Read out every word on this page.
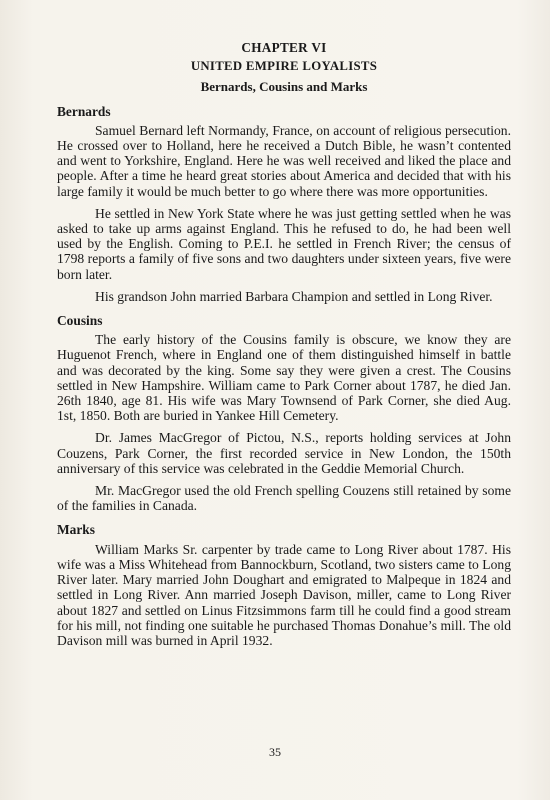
CHAPTER VI
UNITED EMPIRE LOYALISTS
Bernards, Cousins and Marks
Bernards

Samuel Bernard left Normandy, France, on account of religious persecution. He crossed over to Holland, here he received a Dutch Bible, he wasn’t contented and went to Yorkshire, England. Here he was well received and liked the place and people. After a time he heard great stories about America and decided that with his large family it would be much better to go where there was more opportunities.

He settled in New York State where he was just getting settled when he was asked to take up arms against England. This he refused to do, he had been well used by the English. Coming to P.E.I. he settled in French River; the census of 1798 reports a family of five sons and two daughters under sixteen years, five were born later.

His grandson John married Barbara Champion and settled in Long River.

Cousins

The early history of the Cousins family is obscure, we know they are Huguenot French, where in England one of them distinguished himself in battle and was decorated by the king. Some say they were given a crest. The Cousins settled in New Hampshire. William came to Park Corner about 1787, he died Jan. 26th 1840, age 81. His wife was Mary Townsend of Park Corner, she died Aug. 1st, 1850. Both are buried in Yankee Hill Cemetery.

Dr. James MacGregor of Pictou, N.S., reports holding services at John Couzens, Park Corner, the first recorded service in New London, the 150th anniversary of this service was celebrated in the Geddie Memorial Church.

Mr. MacGregor used the old French spelling Couzens still retained by some of the families in Canada.

Marks

William Marks Sr. carpenter by trade came to Long River about 1787. His wife was a Miss Whitehead from Bannockburn, Scotland, two sisters came to Long River later. Mary married John Doughart and emigrated to Malpeque in 1824 and settled in Long River. Ann married Joseph Davison, miller, came to Long River about 1827 and settled on Linus Fitzsimmons farm till he could find a good stream for his mill, not finding one suitable he purchased Thomas Donahue’s mill. The old Davison mill was burned in April 1932.

35
